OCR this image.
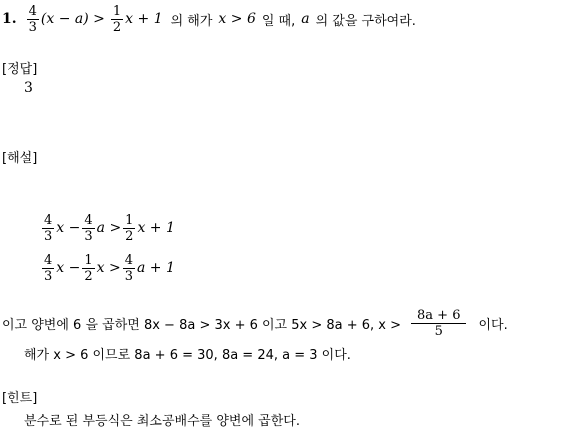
1. $\frac{4}{3} (x - a) > \frac{1}{2}$ x + 1 의 해가 x > 6 일 때, a 의 값을 구하여라.
[정답]
3
[해설]
$\frac{4}{3}$ $x - \frac{4}{3}$ $a > \frac{1}{2}$ x + 1
$\frac{4}{3}$ $x - \frac{1}{2}$ $x > \frac{4}{3}$ a + 1
이고 양변에 6 을 곱하면 8x − 8a > 3x + 6 이고 5x > 8a + 6, $x > \frac{8a + 6}{5}$ 이다.
해가 x > 6 이므로 8a + 6 = 30, 8a = 24, a = 3 이다.
[힌트]
분수로 된 부등식은 최소공배수를 양변에 곱한다.
